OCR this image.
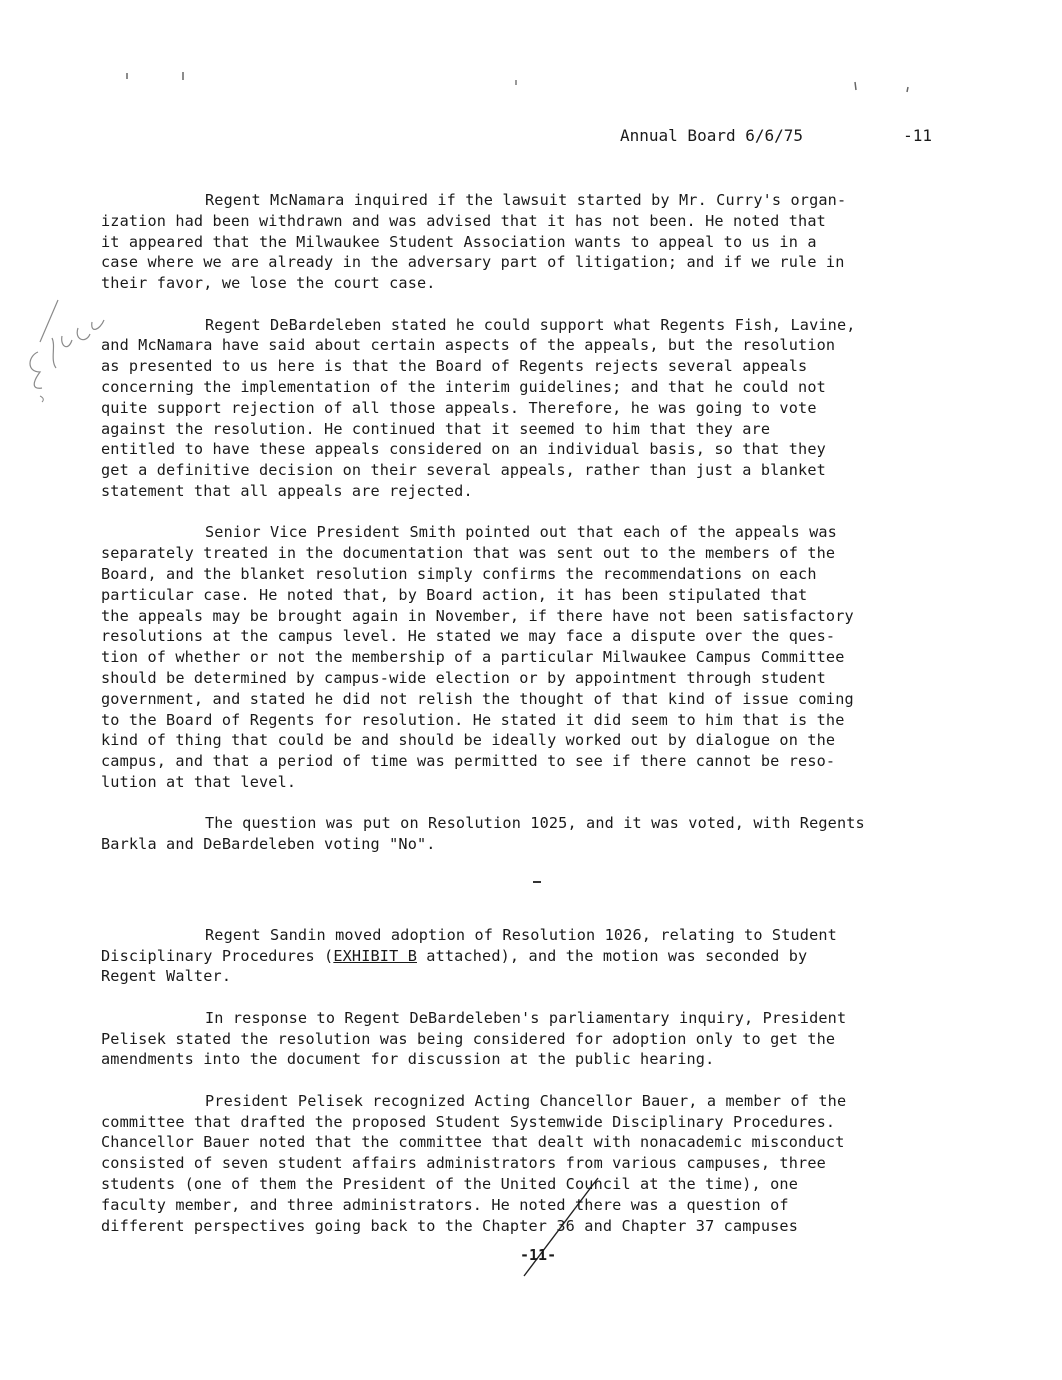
Annual Board 6/6/75	-11

Regent McNamara inquired if the lawsuit started by Mr. Curry's organ-
ization had been withdrawn and was advised that it has not been. He noted that
it appeared that the Milwaukee Student Association wants to appeal to us in a
case where we are already in the adversary part of litigation; and if we rule in
their favor, we lose the court case.

Regent DeBardeleben stated he could support what Regents Fish, Lavine,
and McNamara have said about certain aspects of the appeals, but the resolution
as presented to us here is that the Board of Regents rejects several appeals
concerning the implementation of the interim guidelines; and that he could not
quite support rejection of all those appeals. Therefore, he was going to vote
against the resolution. He continued that it seemed to him that they are
entitled to have these appeals considered on an individual basis, so that they
get a definitive decision on their several appeals, rather than just a blanket
statement that all appeals are rejected.

Senior Vice President Smith pointed out that each of the appeals was
separately treated in the documentation that was sent out to the members of the
Board, and the blanket resolution simply confirms the recommendations on each
particular case. He noted that, by Board action, it has been stipulated that
the appeals may be brought again in November, if there have not been satisfactory
resolutions at the campus level. He stated we may face a dispute over the ques-
tion of whether or not the membership of a particular Milwaukee Campus Committee
should be determined by campus-wide election or by appointment through student
government, and stated he did not relish the thought of that kind of issue coming
to the Board of Regents for resolution. He stated it did seem to him that is the
kind of thing that could be and should be ideally worked out by dialogue on the
campus, and that a period of time was permitted to see if there cannot be reso-
lution at that level.

The question was put on Resolution 1025, and it was voted, with Regents
Barkla and DeBardeleben voting "No".

Regent Sandin moved adoption of Resolution 1026, relating to Student
Disciplinary Procedures (EXHIBIT B attached), and the motion was seconded by
Regent Walter.

In response to Regent DeBardeleben's parliamentary inquiry, President
Pelisek stated the resolution was being considered for adoption only to get the
amendments into the document for discussion at the public hearing.

President Pelisek recognized Acting Chancellor Bauer, a member of the
committee that drafted the proposed Student Systemwide Disciplinary Procedures.
Chancellor Bauer noted that the committee that dealt with nonacademic misconduct
consisted of seven student affairs administrators from various campuses, three
students (one of them the President of the United Council at the time), one
faculty member, and three administrators. He noted there was a question of
different perspectives going back to the Chapter 36 and Chapter 37 campuses

-11-
